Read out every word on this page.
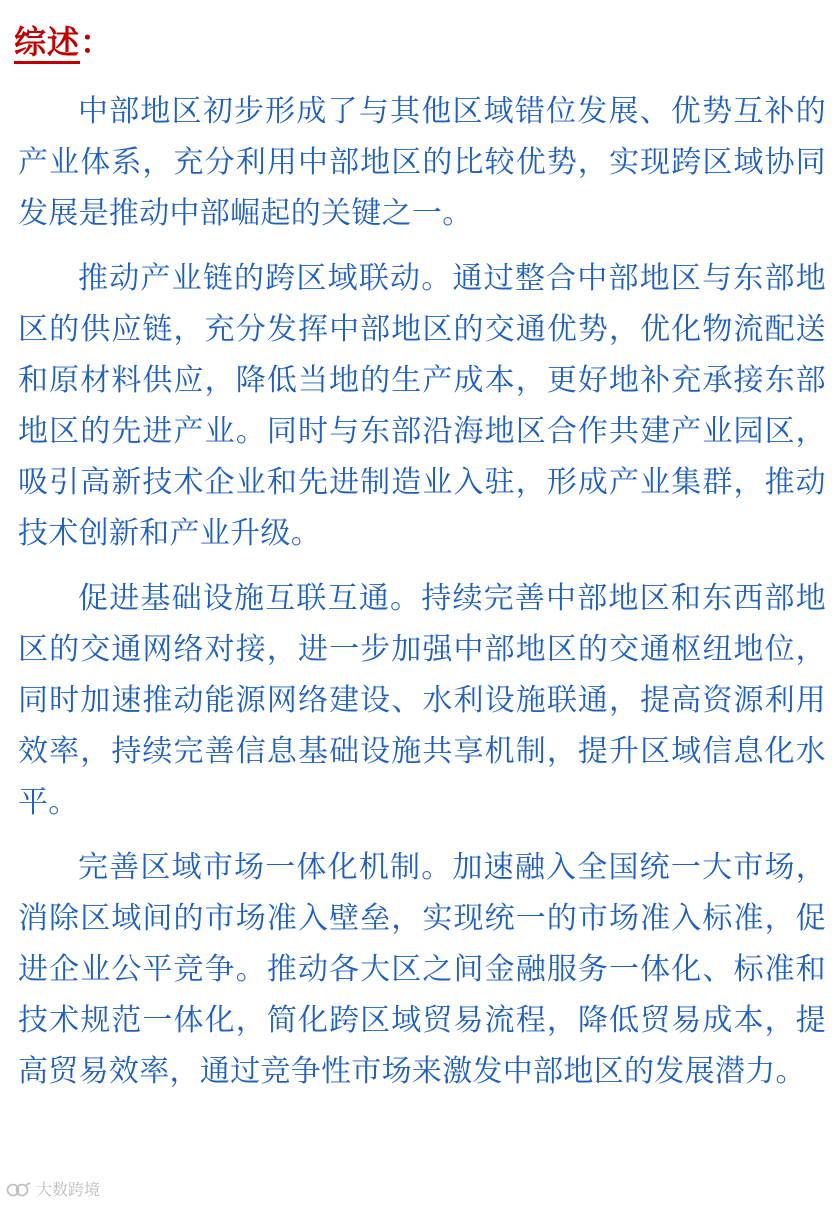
综述：

中部地区初步形成了与其他区域错位发展、优势互补的产业体系，充分利用中部地区的比较优势，实现跨区域协同发展是推动中部崛起的关键之一。

推动产业链的跨区域联动。通过整合中部地区与东部地区的供应链，充分发挥中部地区的交通优势，优化物流配送和原材料供应，降低当地的生产成本，更好地补充承接东部地区的先进产业。同时与东部沿海地区合作共建产业园区，吸引高新技术企业和先进制造业入驻，形成产业集群，推动技术创新和产业升级。

促进基础设施互联互通。持续完善中部地区和东西部地区的交通网络对接，进一步加强中部地区的交通枢纽地位，同时加速推动能源网络建设、水利设施联通，提高资源利用效率，持续完善信息基础设施共享机制，提升区域信息化水平。

完善区域市场一体化机制。加速融入全国统一大市场，消除区域间的市场准入壁垒，实现统一的市场准入标准，促进企业公平竞争。推动各大区之间金融服务一体化、标准和技术规范一体化，简化跨区域贸易流程，降低贸易成本，提高贸易效率，通过竞争性市场来激发中部地区的发展潜力。

大数跨境
